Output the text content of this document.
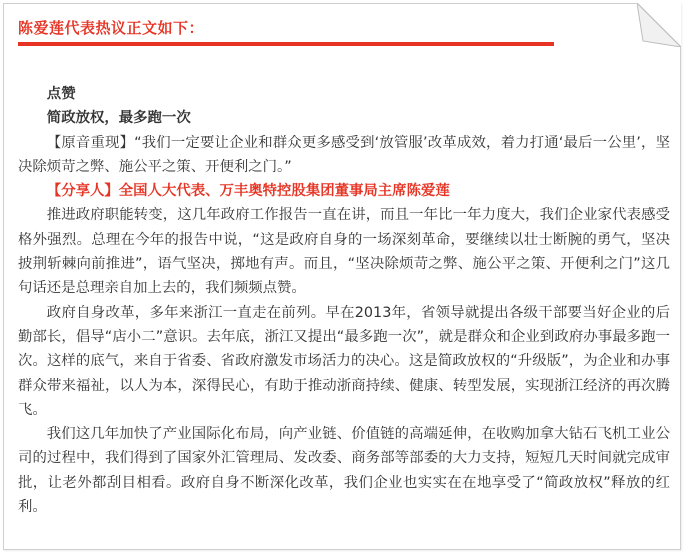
陈爱莲代表热议正文如下：

点赞

简政放权，最多跑一次

【原音重现】“我们一定要让企业和群众更多感受到‘放管服’改革成效，着力打通‘最后一公里’，坚决除烦苛之弊、施公平之策、开便利之门。”

【分享人】全国人大代表、万丰奥特控股集团董事局主席陈爱莲

推进政府职能转变，这几年政府工作报告一直在讲，而且一年比一年力度大，我们企业家代表感受格外强烈。总理在今年的报告中说，“这是政府自身的一场深刻革命，要继续以壮士断腕的勇气，坚决披荆斩棘向前推进”，语气坚决，掷地有声。而且，“坚决除烦苛之弊、施公平之策、开便利之门”这几句话还是总理亲自加上去的，我们频频点赞。

政府自身改革，多年来浙江一直走在前列。早在2013年，省领导就提出各级干部要当好企业的后勤部长，倡导“店小二”意识。去年底，浙江又提出“最多跑一次”，就是群众和企业到政府办事最多跑一次。这样的底气，来自于省委、省政府激发市场活力的决心。这是简政放权的“升级版”，为企业和办事群众带来福祉，以人为本，深得民心，有助于推动浙商持续、健康、转型发展，实现浙江经济的再次腾飞。

我们这几年加快了产业国际化布局，向产业链、价值链的高端延伸，在收购加拿大钻石飞机工业公司的过程中，我们得到了国家外汇管理局、发改委、商务部等部委的大力支持，短短几天时间就完成审批，让老外都刮目相看。政府自身不断深化改革，我们企业也实实在在地享受了“简政放权”释放的红利。
